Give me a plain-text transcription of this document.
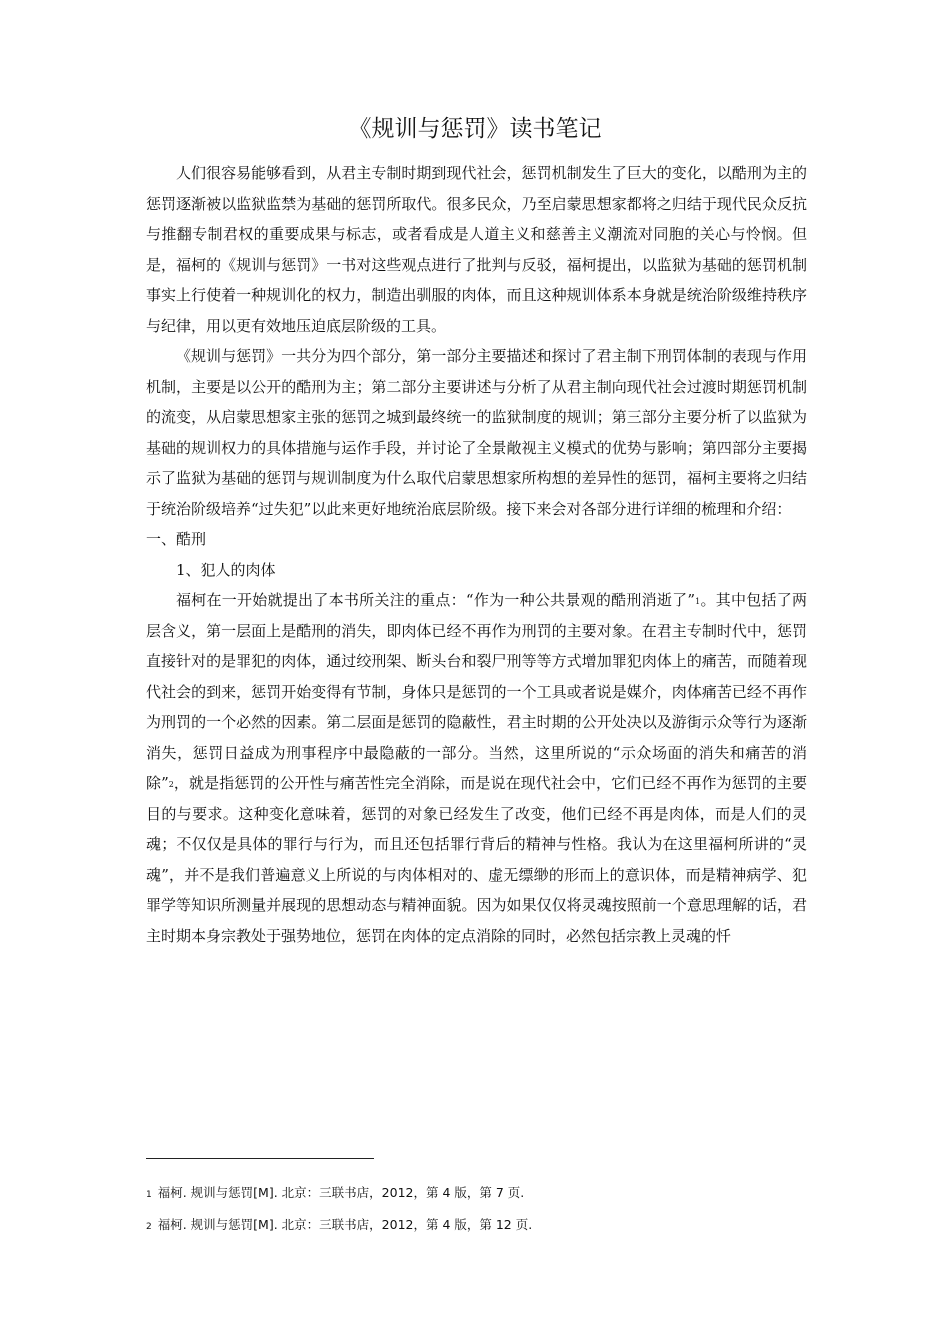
《规训与惩罚》读书笔记

人们很容易能够看到，从君主专制时期到现代社会，惩罚机制发生了巨大的变化，以酷刑为主的惩罚逐渐被以监狱监禁为基础的惩罚所取代。很多民众，乃至启蒙思想家都将之归结于现代民众反抗与推翻专制君权的重要成果与标志，或者看成是人道主义和慈善主义潮流对同胞的关心与怜悯。但是，福柯的《规训与惩罚》一书对这些观点进行了批判与反驳，福柯提出，以监狱为基础的惩罚机制事实上行使着一种规训化的权力，制造出驯服的肉体，而且这种规训体系本身就是统治阶级维持秩序与纪律，用以更有效地压迫底层阶级的工具。

《规训与惩罚》一共分为四个部分，第一部分主要描述和探讨了君主制下刑罚体制的表现与作用机制，主要是以公开的酷刑为主；第二部分主要讲述与分析了从君主制向现代社会过渡时期惩罚机制的流变，从启蒙思想家主张的惩罚之城到最终统一的监狱制度的规训；第三部分主要分析了以监狱为基础的规训权力的具体措施与运作手段，并讨论了全景敞视主义模式的优势与影响；第四部分主要揭示了监狱为基础的惩罚与规训制度为什么取代启蒙思想家所构想的差异性的惩罚，福柯主要将之归结于统治阶级培养“过失犯”以此来更好地统治底层阶级。接下来会对各部分进行详细的梳理和介绍：

一、酷刑

1、犯人的肉体

福柯在一开始就提出了本书所关注的重点：“作为一种公共景观的酷刑消逝了”$^1$。其中包括了两层含义，第一层面上是酷刑的消失，即肉体已经不再作为刑罚的主要对象。在君主专制时代中，惩罚直接针对的是罪犯的肉体，通过绞刑架、断头台和裂尸刑等等方式增加罪犯肉体上的痛苦，而随着现代社会的到来，惩罚开始变得有节制，身体只是惩罚的一个工具或者说是媒介，肉体痛苦已经不再作为刑罚的一个必然的因素。第二层面是惩罚的隐蔽性，君主时期的公开处决以及游街示众等行为逐渐消失，惩罚日益成为刑事程序中最隐蔽的一部分。当然，这里所说的“示众场面的消失和痛苦的消除”$^2$，就是指惩罚的公开性与痛苦性完全消除，而是说在现代社会中，它们已经不再作为惩罚的主要目的与要求。这种变化意味着，惩罚的对象已经发生了改变，他们已经不再是肉体，而是人们的灵魂；不仅仅是具体的罪行与行为，而且还包括罪行背后的精神与性格。我认为在这里福柯所讲的“灵魂”，并不是我们普遍意义上所说的与肉体相对的、虚无缥缈的形而上的意识体，而是精神病学、犯罪学等知识所测量并展现的思想动态与精神面貌。因为如果仅仅将灵魂按照前一个意思理解的话，君主时期本身宗教处于强势地位，惩罚在肉体的定点消除的同时，必然包括宗教上灵魂的忏

1 福柯. 规训与惩罚[M]. 北京：三联书店，2012，第 4 版，第 7 页.
2 福柯. 规训与惩罚[M]. 北京：三联书店，2012，第 4 版，第 12 页.
